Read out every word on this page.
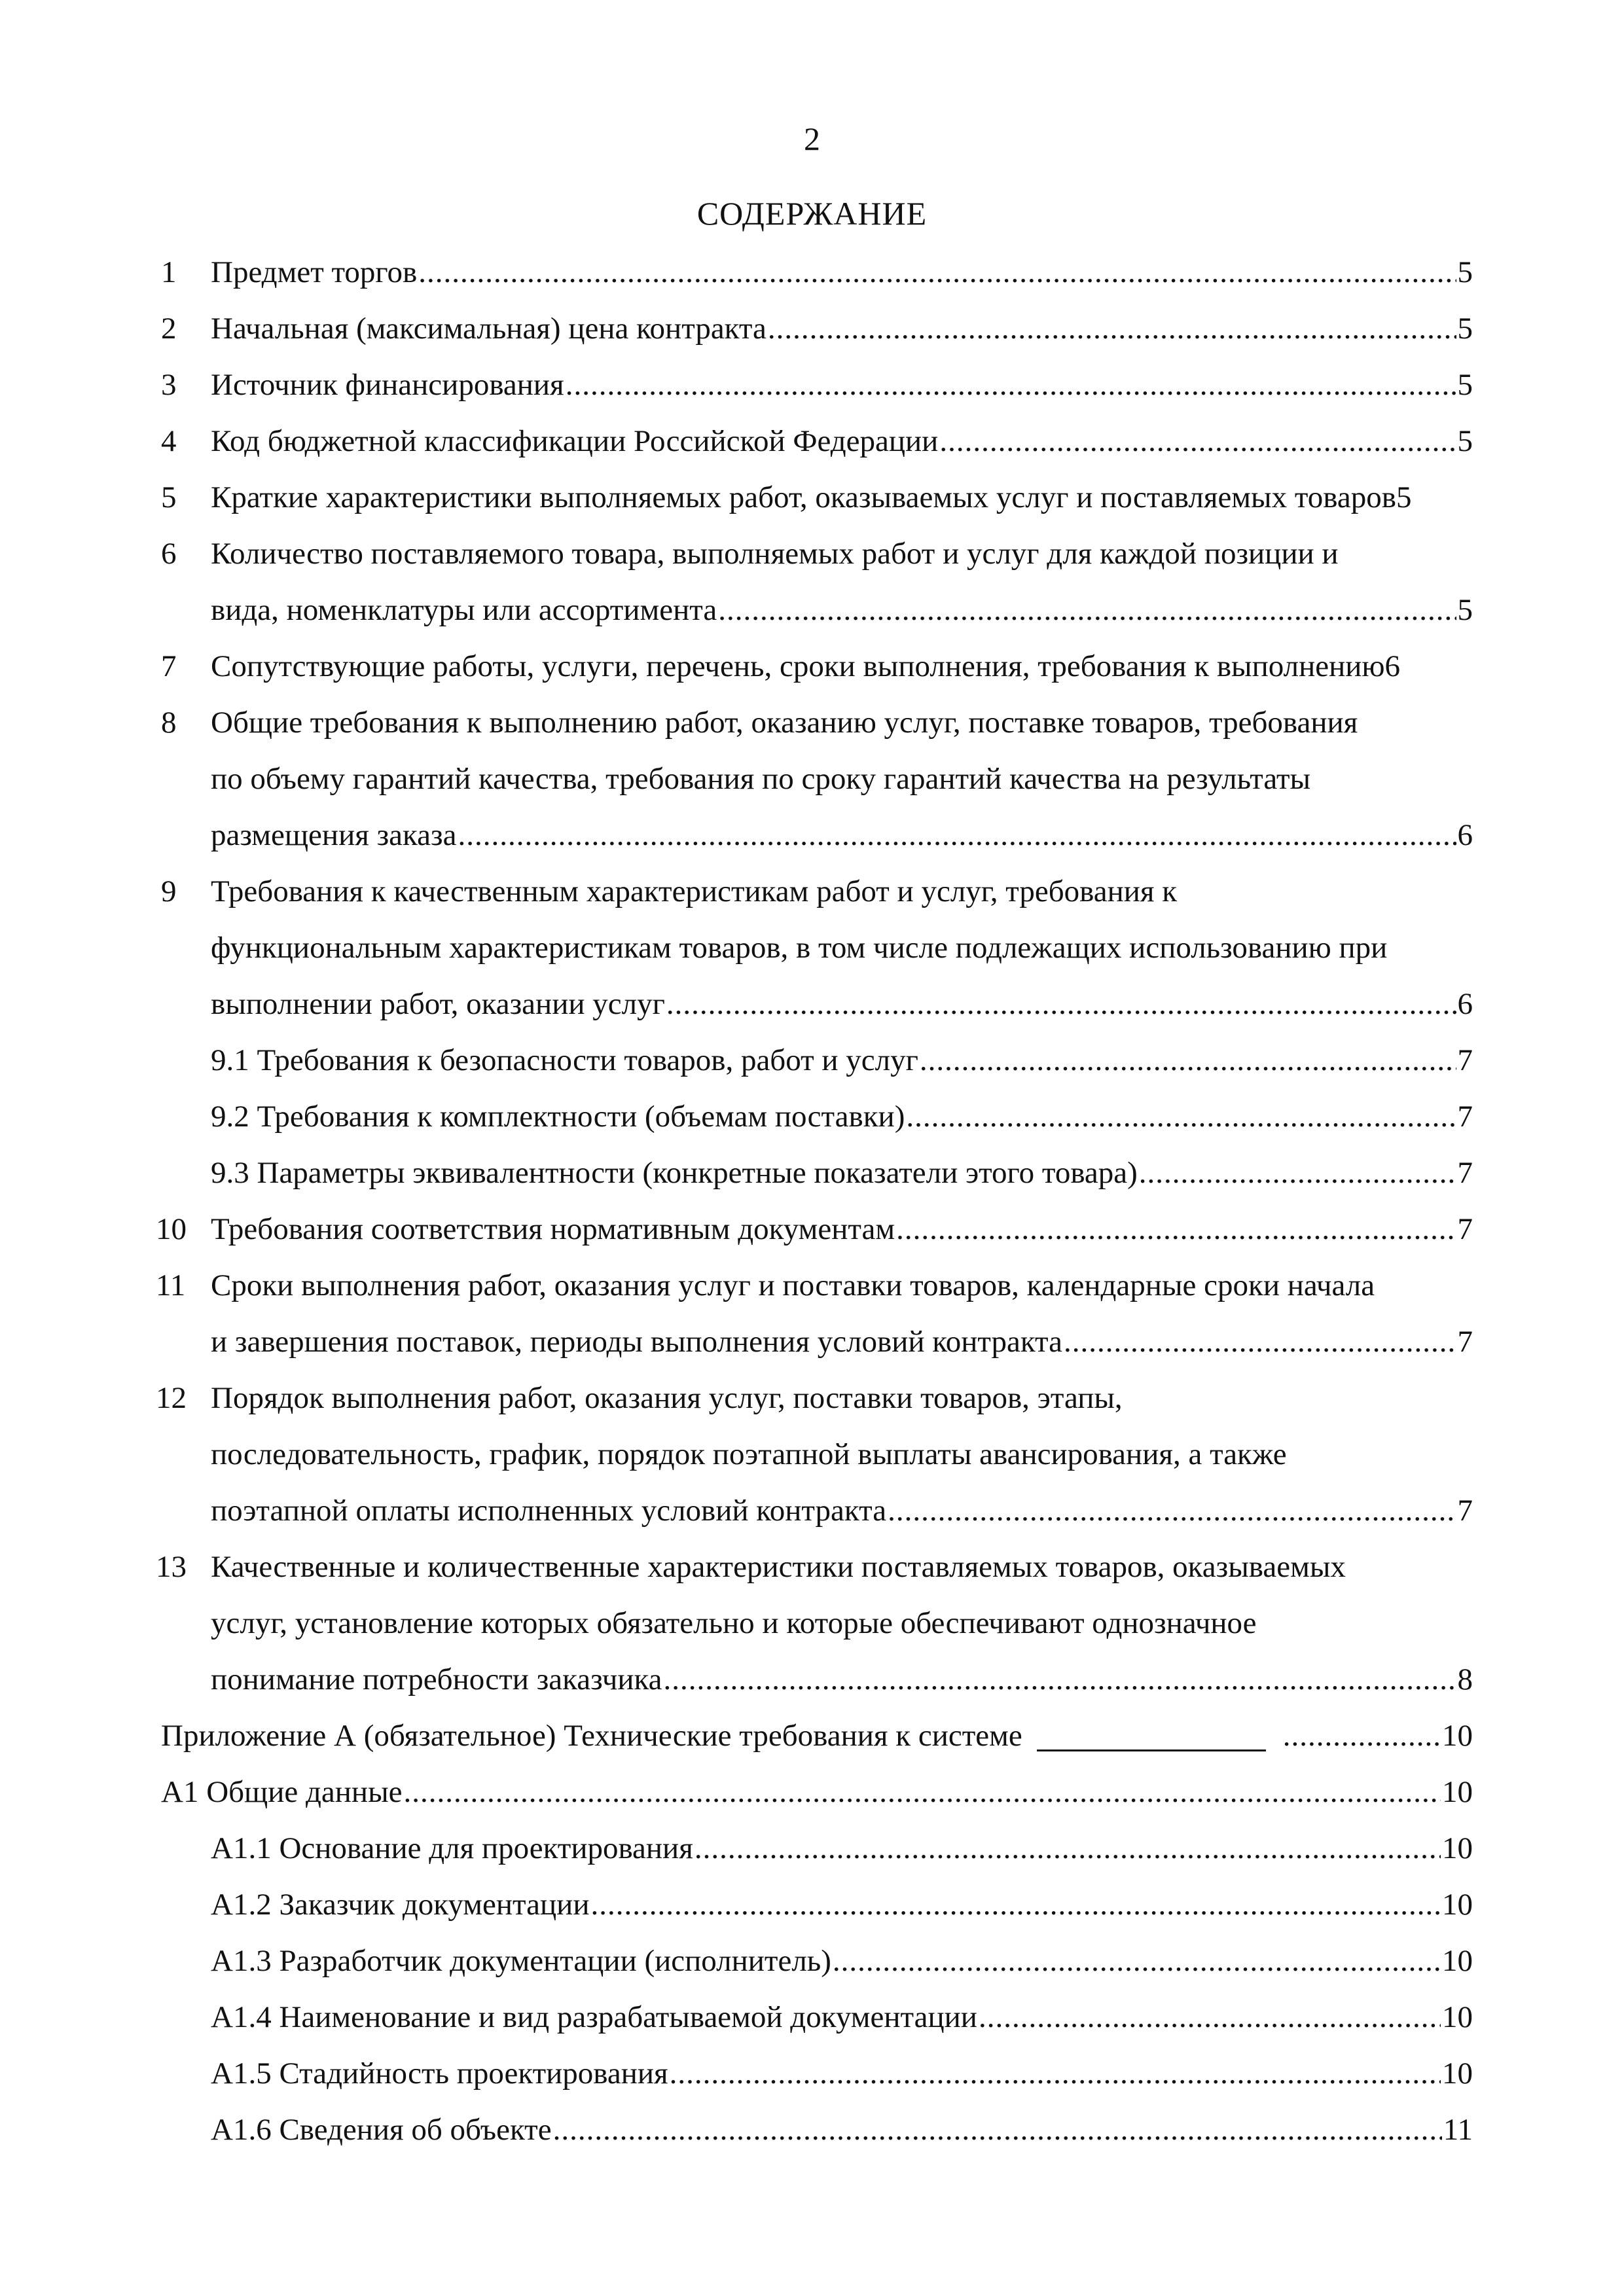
2
СОДЕРЖАНИЕ
1 Предмет торгов .....	5
2 Начальная (максимальная) цена контракта .....	5
3 Источник финансирования .....	5
4 Код бюджетной классификации Российской Федерации .....	5
5 Краткие характеристики выполняемых работ, оказываемых услуг и поставляемых товаров 5
6 Количество поставляемого товара, выполняемых работ и услуг для каждой позиции и
вида, номенклатуры или ассортимента .....	5
7 Сопутствующие работы, услуги, перечень, сроки выполнения, требования к выполнению 6
8 Общие требования к выполнению работ, оказанию услуг, поставке товаров, требования
по объему гарантий качества, требования по сроку гарантий качества на результаты
размещения заказа .....	6
9 Требования к качественным характеристикам работ и услуг, требования к
функциональным характеристикам товаров, в том числе подлежащих использованию при
выполнении работ, оказании услуг .....	6
9.1 Требования к безопасности товаров, работ и услуг .....	7
9.2 Требования к комплектности (объемам поставки) .....	7
9.3 Параметры эквивалентности (конкретные показатели этого товара) .....	7
10 Требования соответствия нормативным документам .....	7
11 Сроки выполнения работ, оказания услуг и поставки товаров, календарные сроки начала
и завершения поставок, периоды выполнения условий контракта .....	7
12 Порядок выполнения работ, оказания услуг, поставки товаров, этапы,
последовательность, график, порядок поэтапной выплаты авансирования, а также
поэтапной оплаты исполненных условий контракта .....	7
13 Качественные и количественные характеристики поставляемых товаров, оказываемых
услуг, установление которых обязательно и которые обеспечивают однозначное
понимание потребности заказчика .....	8
Приложение А (обязательное) Технические требования к системе .....	10
А1 Общие данные .....	10
А1.1 Основание для проектирования .....	10
А1.2 Заказчик документации .....	10
А1.3 Разработчик документации (исполнитель) .....	10
А1.4 Наименование и вид разрабатываемой документации .....	10
А1.5 Стадийность проектирования .....	10
А1.6 Сведения об объекте .....	11
